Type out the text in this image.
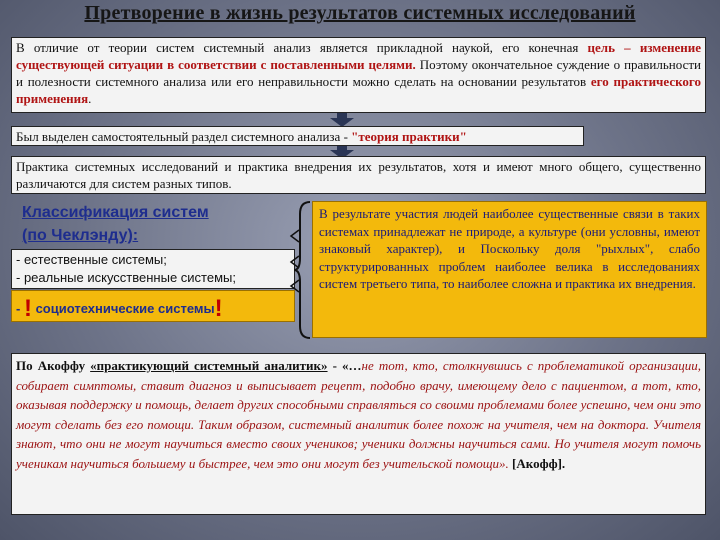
Претворение в жизнь результатов системных исследований
В отличие от теории систем системный анализ является прикладной наукой, его конечная цель – изменение существующей ситуации в соответствии с поставленными целями. Поэтому окончательное суждение о правильности и полезности системного анализа или его неправильности можно сделать на основании результатов его практического применения.
Был выделен самостоятельный раздел системного анализа - "теория практики"
Практика системных исследований и практика внедрения их результатов, хотя и имеют много общего, существенно различаются для систем разных типов.
Классификация систем
(по Чеклэнду):
- естественные системы;
- реальные искусственные системы;
- ! социотехнические системы!
В результате участия людей наиболее существенные связи в таких системах принадлежат не природе, а культуре (они условны, имеют знаковый характер), и Поскольку доля "рыхлых", слабо структурированных проблем наиболее велика в исследованиях систем третьего типа, то наиболее сложна и практика их внедрения.
По Акоффу «практикующий системный аналитик» - «…не тот, кто, столкнувшись с проблематикой организации, собирает симптомы, ставит диагноз и выписывает рецепт, подобно врачу, имеющему дело с пациентом, а тот, кто, оказывая поддержку и помощь, делает других способными справляться со своими проблемами более успешно, чем они это могут сделать без его помощи. Таким образом, системный аналитик более похож на учителя, чем на доктора. Учителя знают, что они не могут научиться вместо своих учеников; ученики должны научиться сами. Но учителя могут помочь ученикам научиться большему и быстрее, чем это они могут без учительской помощи». [Акофф].
